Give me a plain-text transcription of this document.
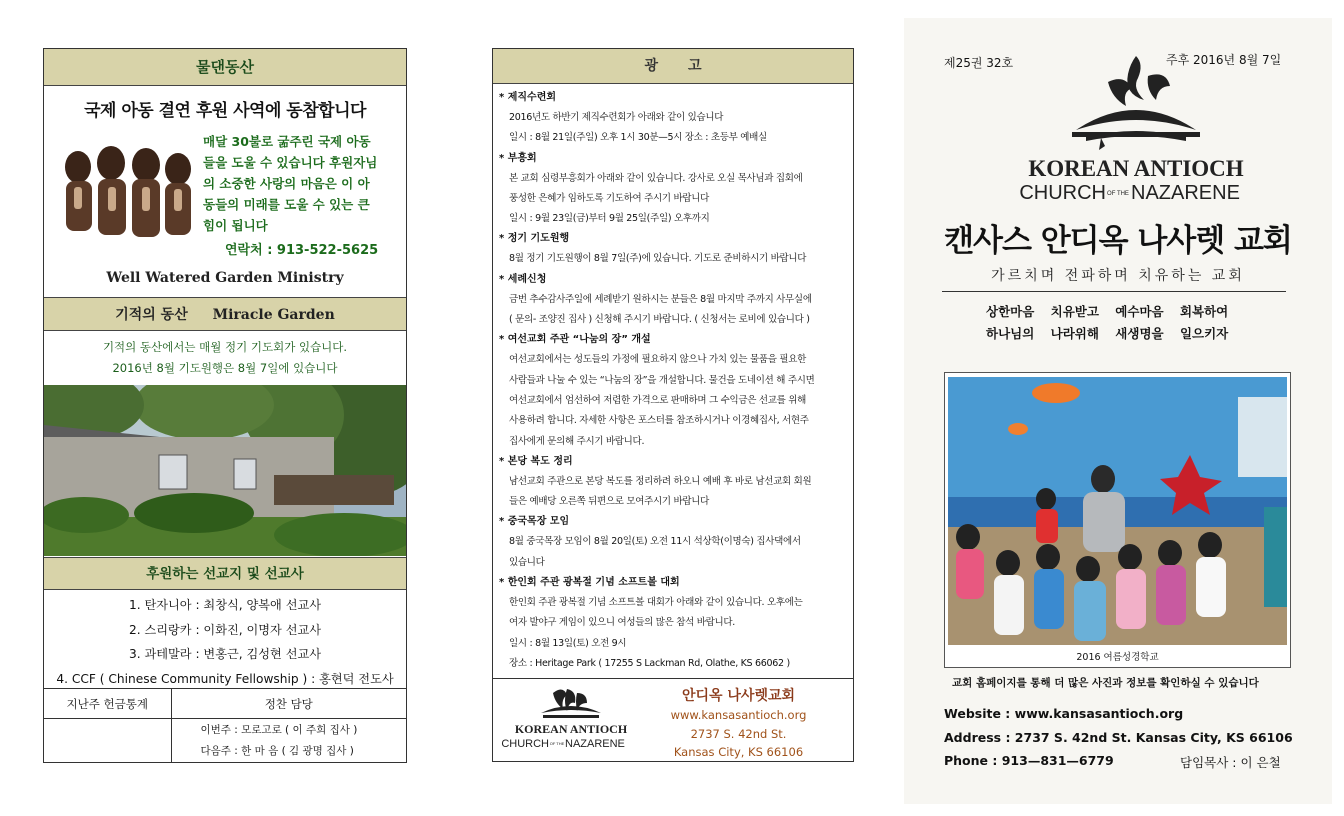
물댄동산
국제 아동 결연 후원 사역에 동참합니다
매달 30불로 굶주린 국제 아동
들을 도울 수 있습니다 후원자님
의 소중한 사랑의 마음은 이 아
동들의 미래를 도울 수 있는 큰
힘이 됩니다
연락처 : 913-522-5625
Well Watered Garden Ministry
기적의 동산 Miracle Garden
기적의 동산에서는 매월 정기 기도회가 있습니다.
2016년 8월 기도원행은 8월 7일에 있습니다
후원하는 선교지 및 선교사
1. 탄자니아 : 최창식, 양복애 선교사
2. 스리랑카 : 이화진, 이명자 선교사
3. 과테말라 : 변홍근, 김성현 선교사
4. CCF ( Chinese Community Fellowship ) : 홍현덕 전도사
지난주 헌금통계	정찬 담당

	이번주 : 모로고로 ( 이 주희 집사 )
다음주 : 한 마 음 ( 김 광명 집사 )
광고
* 제직수련회
2016년도 하반기 제직수련회가 아래와 같이 있습니다
일시 : 8월 21일(주일) 오후 1시 30분—5시 장소 : 초등부 예배실
* 부흥회
본 교회 심령부흥회가 아래와 같이 있습니다. 강사로 오실 목사님과 집회에
풍성한 은혜가 임하도록 기도하여 주시기 바랍니다
일시 : 9월 23일(금)부터 9월 25일(주일) 오후까지
* 정기 기도원행
8월 정기 기도원행이 8월 7일(주)에 있습니다. 기도로 준비하시기 바랍니다
* 세례신청
금번 추수감사주일에 세례받기 원하시는 분들은 8월 마지막 주까지 사무실에
( 문의- 조양진 집사 ) 신청해 주시기 바랍니다. ( 신청서는 로비에 있습니다 )
* 여선교회 주관 “나눔의 장” 개설
여선교회에서는 성도들의 가정에 필요하지 않으나 가치 있는 물품을 필요한
사람들과 나눌 수 있는 “나눔의 장”을 개설합니다. 물건을 도네이션 해 주시면
여선교회에서 엄선하여 저렴한 가격으로 판매하며 그 수익금은 선교를 위해
사용하려 합니다. 자세한 사항은 포스터를 참조하시거나 이경혜집사, 서현주
집사에게 문의해 주시기 바랍니다.
* 본당 복도 정리
남선교회 주관으로 본당 복도를 정리하려 하오니 예배 후 바로 남선교회 회원
들은 예배당 오른쪽 뒤편으로 모여주시기 바랍니다
* 중국목장 모임
8월 중국목장 모임이 8월 20일(토) 오전 11시 석상학(이명숙) 집사댁에서
있습니다
* 한인회 주관 광복절 기념 소프트볼 대회
한인회 주관 광복절 기념 소프트볼 대회가 아래와 같이 있습니다. 오후에는
여자 발야구 게임이 있으니 여성들의 많은 참석 바랍니다.
일시 : 8월 13일(토) 오전 9시
장소 : Heritage Park ( 17255 S Lackman Rd, Olathe, KS 66062 )
KOREAN ANTIOCH
CHURCH OF THE NAZARENE
안디옥 나사렛교회
www.kansasantioch.org
2737 S. 42nd St.
Kansas City, KS 66106
제25권 32호	주후 2016년 8월 7일
KOREAN ANTIOCH
CHURCH OF THE NAZARENE
캔사스 안디옥 나사렛 교회
가르치며 전파하며 치유하는 교회
상한마음 치유받고 예수마음 회복하여
하나님의 나라위해 새생명을 일으키자
2016 여름성경학교
교회 홈페이지를 통해 더 많은 사진과 정보를 확인하실 수 있습니다
Website : www.kansasantioch.org
Address : 2737 S. 42nd St. Kansas City, KS 66106
Phone : 913—831—6779	담임목사 : 이 은철
